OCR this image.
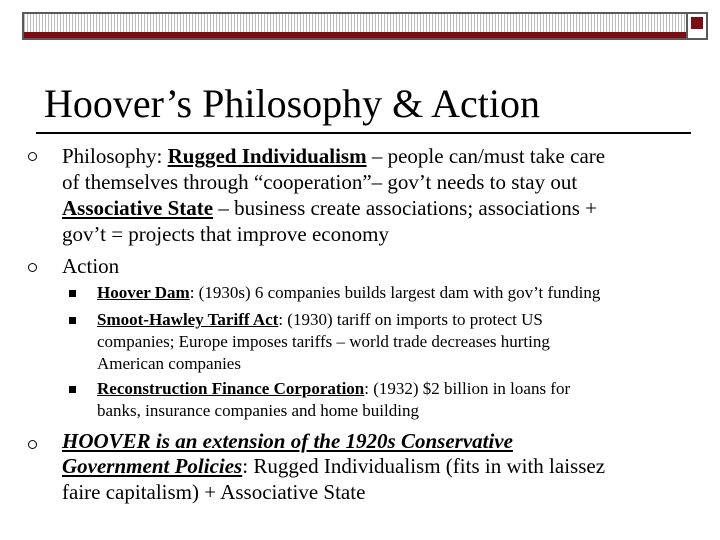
Hoover’s Philosophy & Action
Philosophy: Rugged Individualism – people can/must take care
of themselves through “cooperation”– gov’t needs to stay out
Associative State – business create associations; associations +
gov’t = projects that improve economy
Action
Hoover Dam: (1930s) 6 companies builds largest dam with gov’t funding
Smoot-Hawley Tariff Act: (1930) tariff on imports to protect US
companies; Europe imposes tariffs – world trade decreases hurting
American companies
Reconstruction Finance Corporation: (1932) $2 billion in loans for
banks, insurance companies and home building
HOOVER is an extension of the 1920s Conservative
Government Policies: Rugged Individualism (fits in with laissez
faire capitalism) + Associative State
